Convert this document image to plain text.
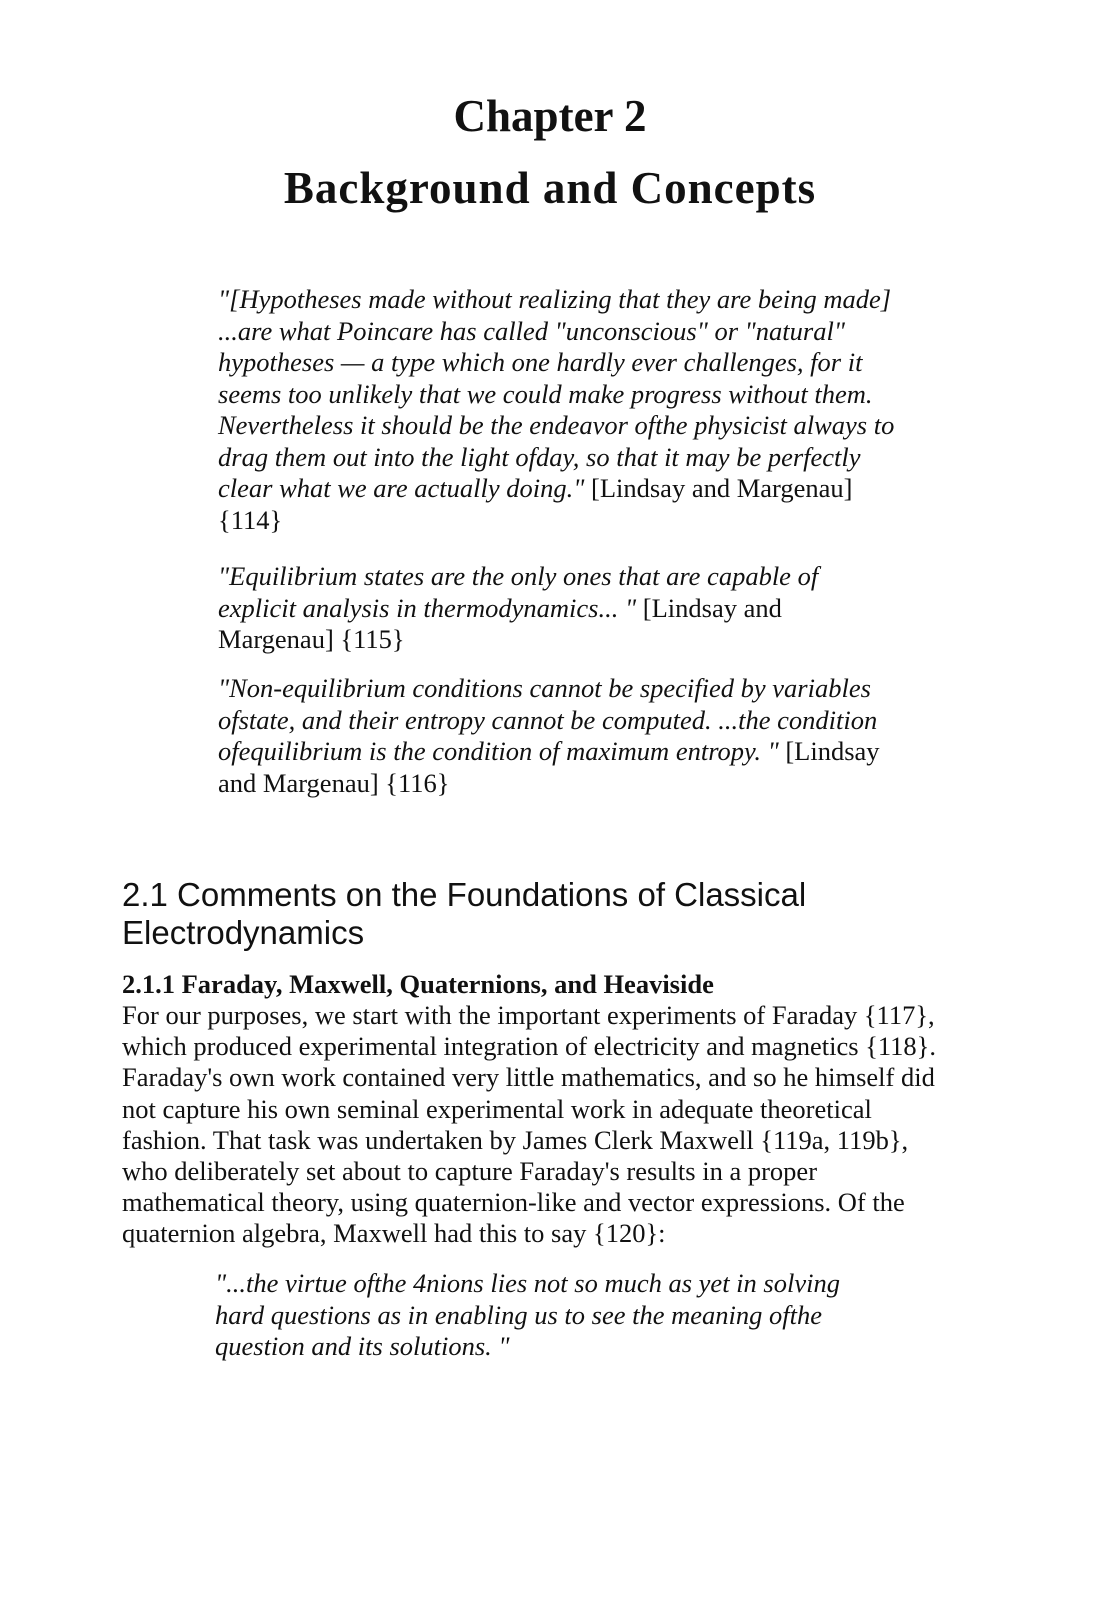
Chapter 2
Background and Concepts

"[Hypotheses made without realizing that they are being made] ...are what Poincare has called "unconscious" or "natural" hypotheses — a type which one hardly ever challenges, for it seems too unlikely that we could make progress without them. Nevertheless it should be the endeavor ofthe physicist always to drag them out into the light ofday, so that it may be perfectly clear what we are actually doing." [Lindsay and Margenau] {114}

"Equilibrium states are the only ones that are capable of explicit analysis in thermodynamics... " [Lindsay and Margenau] {115}

"Non-equilibrium conditions cannot be specified by variables ofstate, and their entropy cannot be computed. ...the condition ofequilibrium is the condition of maximum entropy. " [Lindsay and Margenau] {116}

2.1 Comments on the Foundations of Classical Electrodynamics
2.1.1 Faraday, Maxwell, Quaternions, and Heaviside

For our purposes, we start with the important experiments of Faraday {117}, which produced experimental integration of electricity and magnetics {118}. Faraday's own work contained very little mathematics, and so he himself did not capture his own seminal experimental work in adequate theoretical fashion. That task was undertaken by James Clerk Maxwell {119a, 119b}, who deliberately set about to capture Faraday's results in a proper mathematical theory, using quaternion-like and vector expressions. Of the quaternion algebra, Maxwell had this to say {120}:

"...the virtue ofthe 4nions lies not so much as yet in solving hard questions as in enabling us to see the meaning ofthe question and its solutions. "
